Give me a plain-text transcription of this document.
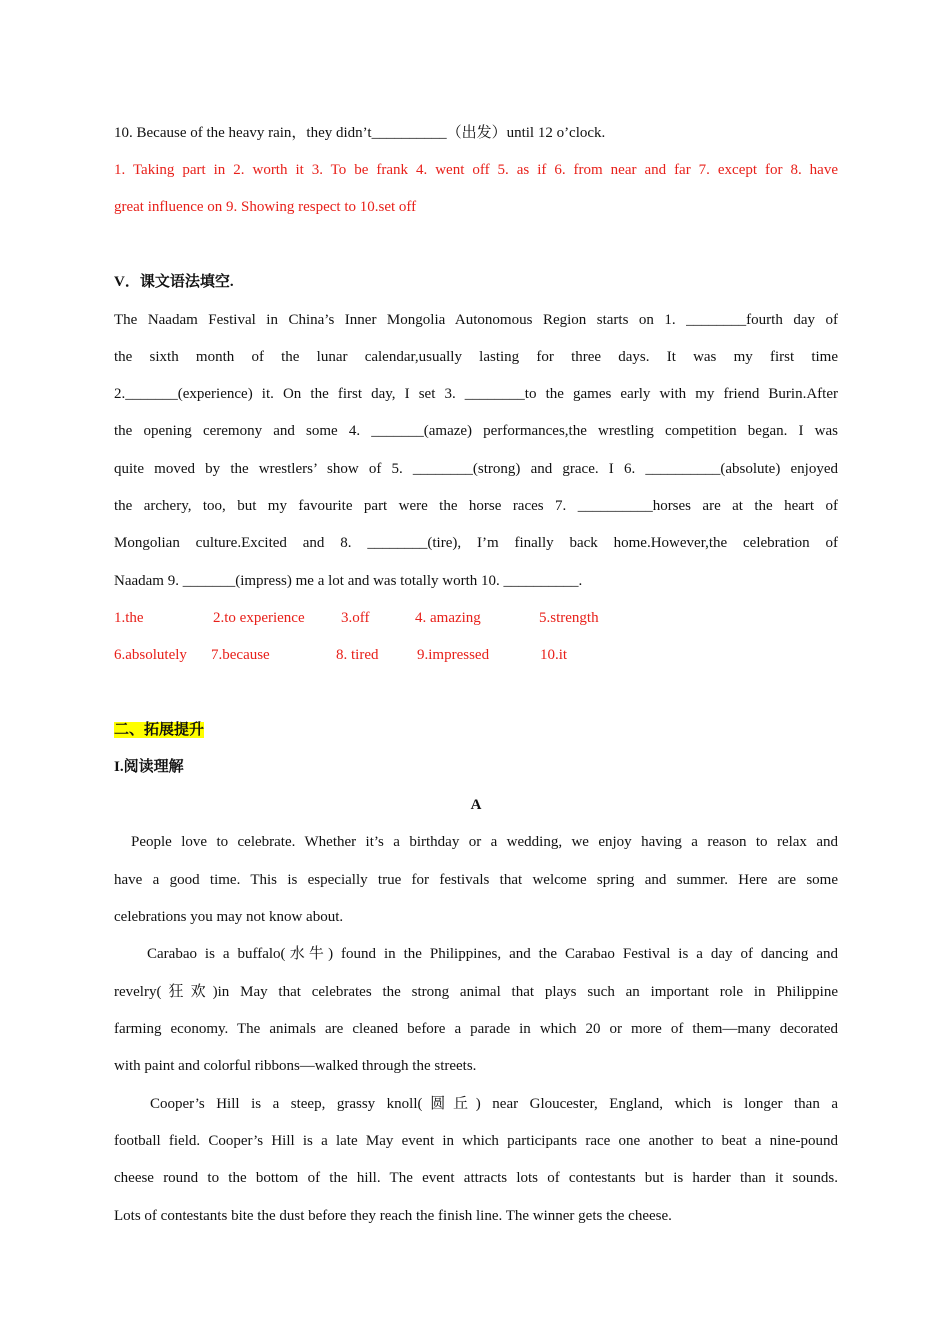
10. Because of the heavy rain，they didn’t__________（出发）until 12 o’clock.
1. Taking part in 2. worth it 3. To be frank 4. went off 5. as if 6. from near and far 7. except for 8. have
great influence on 9. Showing respect to 10.set off
V．课文语法填空.
The Naadam Festival in China’s Inner Mongolia Autonomous Region starts on 1. ________fourth day of
the sixth month of the lunar calendar,usually lasting for three days. It was my first time
2._______(experience) it. On the first day, I set 3. ________to the games early with my friend Burin.After
the opening ceremony and some 4. _______(amaze) performances,the wrestling competition began. I was
quite moved by the wrestlers’ show of 5. ________(strong) and grace. I 6. __________(absolute) enjoyed
the archery, too, but my favourite part were the horse races 7. __________horses are at the heart of
Mongolian culture.Excited and 8. ________(tire), I’m finally back home.However,the celebration of
Naadam 9. _______(impress) me a lot and was totally worth 10. __________.
1.the	2.to experience 3.off	4. amazing	5.strength
6.absolutely 7.because	8. tired	9.impressed	10.it
二、拓展提升
I.阅读理解
A
People love to celebrate. Whether it’s a birthday or a wedding, we enjoy having a reason to relax and
have a good time. This is especially true for festivals that welcome spring and summer. Here are some
celebrations you may not know about.
Carabao is a buffalo(水牛) found in the Philippines, and the Carabao Festival is a day of dancing and
revelry(狂欢)in May that celebrates the strong animal that plays such an important role in Philippine
farming economy. The animals are cleaned before a parade in which 20 or more of them—many decorated
with paint and colorful ribbons—walked through the streets.
Cooper’s Hill is a steep, grassy knoll(圆丘) near Gloucester, England, which is longer than a
football field. Cooper’s Hill is a late May event in which participants race one another to beat a nine-pound
cheese round to the bottom of the hill. The event attracts lots of contestants but is harder than it sounds.
Lots of contestants bite the dust before they reach the finish line. The winner gets the cheese.
